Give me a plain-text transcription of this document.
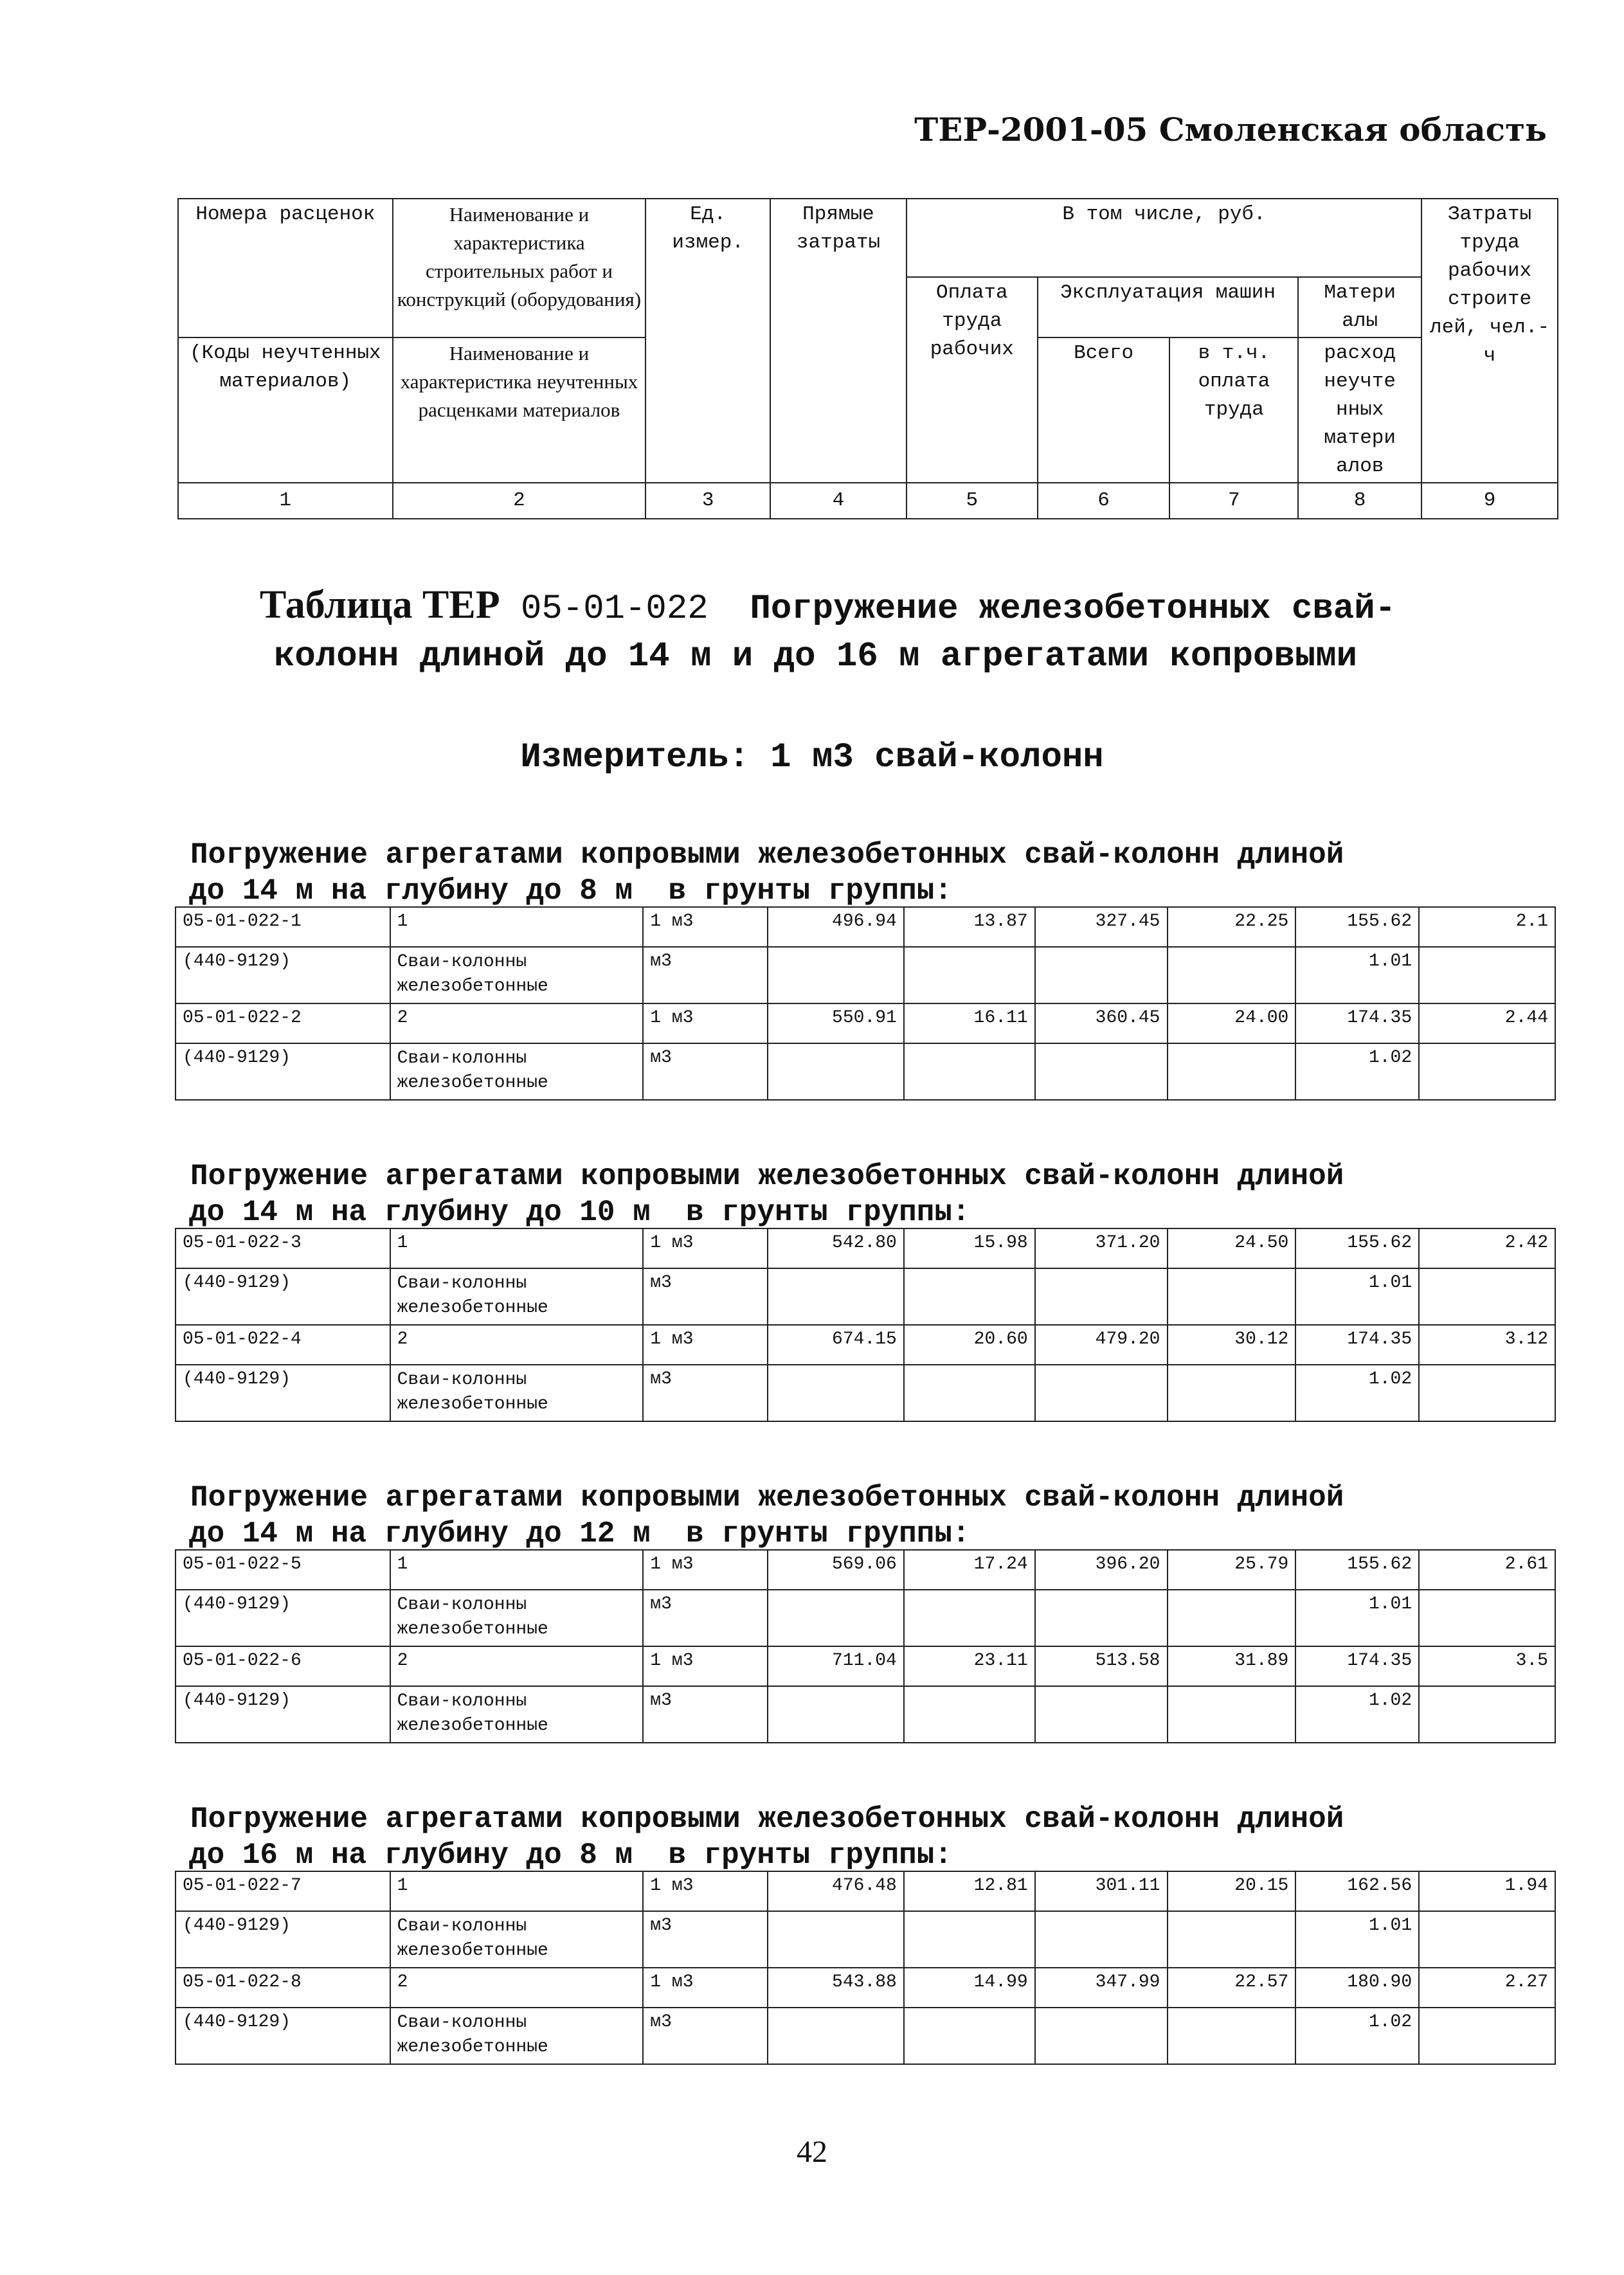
ТЕР-2001-05 Смоленская область
Номера расценок	Наименование и характеристика строительных работ и конструкций (оборудования)	Ед. измер.	Прямые затраты	В том числе, руб.				Затраты труда рабочих строите лей, чел.-ч
				Оплата труда рабочих	Эксплуатация машин		Матери алы	
(Коды неучтенных материалов)	Наименование и характеристика неучтенных расценками материалов				Всего	в т.ч. оплата труда	расход неучте нных матери алов	
1	2	3	4	5	6	7	8	9
Таблица ТЕР 05-01-022 Погружение железобетонных свай-
колонн длиной до 14 м и до 16 м агрегатами копровыми
Измеритель: 1 м3 свай-колонн
Погружение агрегатами копровыми железобетонных свай-колонн длиной
до 14 м на глубину до 8 м  в грунты группы:
05-01-022-1	1	1 м3	496.94	13.87	327.45	22.25	155.62	2.1
(440-9129)	Сваи-колонны железобетонные	м3					1.01	
05-01-022-2	2	1 м3	550.91	16.11	360.45	24.00	174.35	2.44
(440-9129)	Сваи-колонны железобетонные	м3					1.02	
Погружение агрегатами копровыми железобетонных свай-колонн длиной
до 14 м на глубину до 10 м  в грунты группы:
05-01-022-3	1	1 м3	542.80	15.98	371.20	24.50	155.62	2.42
(440-9129)	Сваи-колонны железобетонные	м3					1.01	
05-01-022-4	2	1 м3	674.15	20.60	479.20	30.12	174.35	3.12
(440-9129)	Сваи-колонны железобетонные	м3					1.02	
Погружение агрегатами копровыми железобетонных свай-колонн длиной
до 14 м на глубину до 12 м  в грунты группы:
05-01-022-5	1	1 м3	569.06	17.24	396.20	25.79	155.62	2.61
(440-9129)	Сваи-колонны железобетонные	м3					1.01	
05-01-022-6	2	1 м3	711.04	23.11	513.58	31.89	174.35	3.5
(440-9129)	Сваи-колонны железобетонные	м3					1.02	
Погружение агрегатами копровыми железобетонных свай-колонн длиной
до 16 м на глубину до 8 м  в грунты группы:
05-01-022-7	1	1 м3	476.48	12.81	301.11	20.15	162.56	1.94
(440-9129)	Сваи-колонны железобетонные	м3					1.01	
05-01-022-8	2	1 м3	543.88	14.99	347.99	22.57	180.90	2.27
(440-9129)	Сваи-колонны железобетонные	м3					1.02	
42
